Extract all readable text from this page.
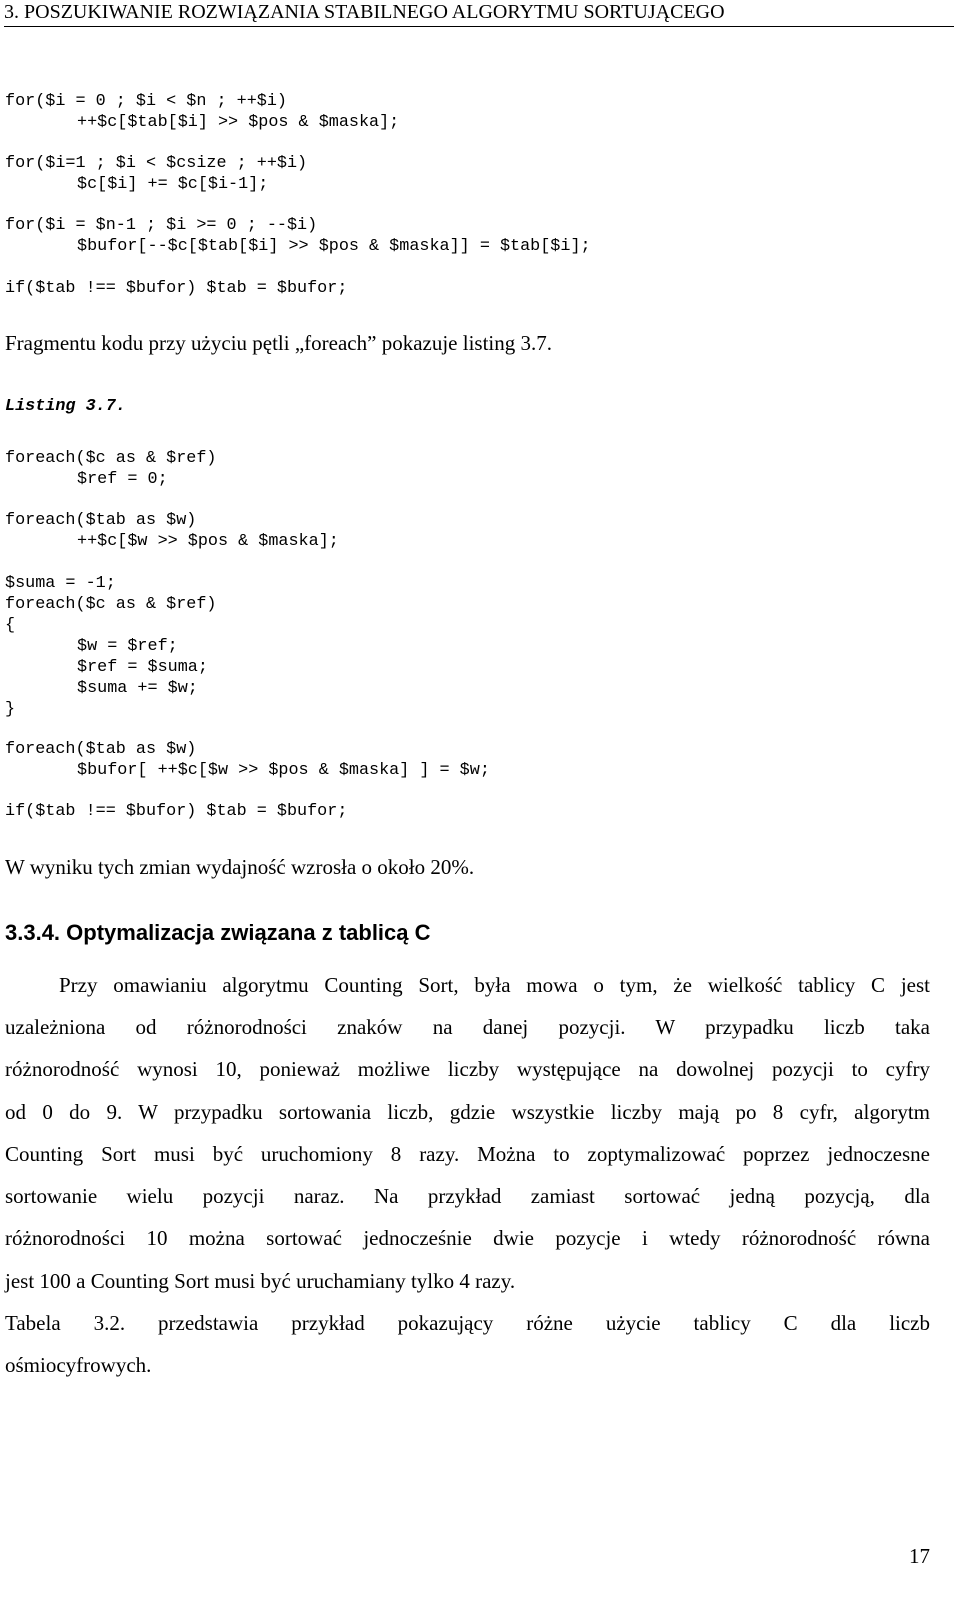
3. POSZUKIWANIE ROZWIĄZANIA STABILNEGO ALGORYTMU SORTUJĄCEGO
for($i = 0 ; $i < $n ; ++$i)
++$c[$tab[$i] >> $pos & $maska];
for($i=1 ; $i < $csize ; ++$i)
$c[$i] += $c[$i-1];
for($i = $n-1 ; $i >= 0 ; --$i)
$bufor[--$c[$tab[$i] >> $pos & $maska]] = $tab[$i];
if($tab !== $bufor) $tab = $bufor;
Fragmentu kodu przy użyciu pętli „foreach” pokazuje listing 3.7.
Listing 3.7.
foreach($c as & $ref)
$ref = 0;
foreach($tab as $w)
++$c[$w >> $pos & $maska];
$suma = -1;
foreach($c as & $ref)
{
$w = $ref;
$ref = $suma;
$suma += $w;
}
foreach($tab as $w)
$bufor[ ++$c[$w >> $pos & $maska] ] = $w;
if($tab !== $bufor) $tab = $bufor;
W wyniku tych zmian wydajność wzrosła o około 20%.
3.3.4. Optymalizacja związana z tablicą C
Przy omawianiu algorytmu Counting Sort, była mowa o tym, że wielkość tablicy C jest
uzależniona od różnorodności znaków na danej pozycji. W przypadku liczb taka
różnorodność wynosi 10, ponieważ możliwe liczby występujące na dowolnej pozycji to cyfry
od 0 do 9. W przypadku sortowania liczb, gdzie wszystkie liczby mają po 8 cyfr, algorytm
Counting Sort musi być uruchomiony 8 razy. Można to zoptymalizować poprzez jednoczesne
sortowanie wielu pozycji naraz. Na przykład zamiast sortować jedną pozycją, dla
różnorodności 10 można sortować jednocześnie dwie pozycje i wtedy różnorodność równa
jest 100 a Counting Sort musi być uruchamiany tylko 4 razy.
Tabela 3.2. przedstawia przykład pokazujący różne użycie tablicy C dla liczb
ośmiocyfrowych.
17
